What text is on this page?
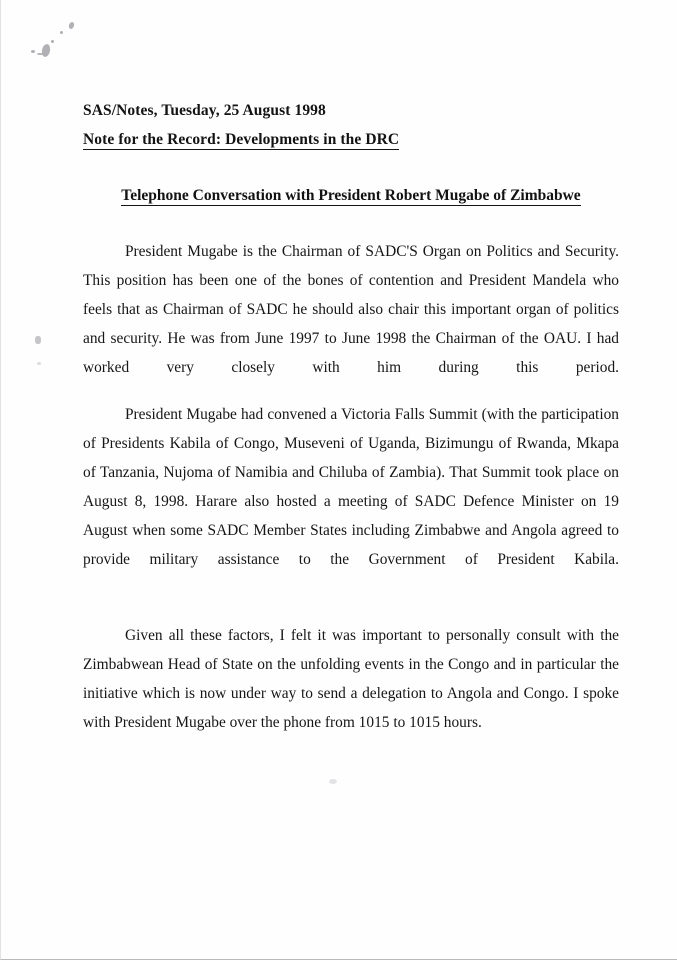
SAS/Notes, Tuesday, 25 August 1998
Note for the Record: Developments in the DRC
Telephone Conversation with President Robert Mugabe of Zimbabwe

President Mugabe is the Chairman of SADC'S Organ on Politics and Security. This position has been one of the bones of contention and President Mandela who feels that as Chairman of SADC he should also chair this important organ of politics and security. He was from June 1997 to June 1998 the Chairman of the OAU. I had worked very closely with him during this period.

President Mugabe had convened a Victoria Falls Summit (with the participation of Presidents Kabila of Congo, Museveni of Uganda, Bizimungu of Rwanda, Mkapa of Tanzania, Nujoma of Namibia and Chiluba of Zambia). That Summit took place on August 8, 1998. Harare also hosted a meeting of SADC Defence Minister on 19 August when some SADC Member States including Zimbabwe and Angola agreed to provide military assistance to the Government of President Kabila.

Given all these factors, I felt it was important to personally consult with the Zimbabwean Head of State on the unfolding events in the Congo and in particular the initiative which is now under way to send a delegation to Angola and Congo. I spoke with President Mugabe over the phone from 1015 to 1015 hours.
